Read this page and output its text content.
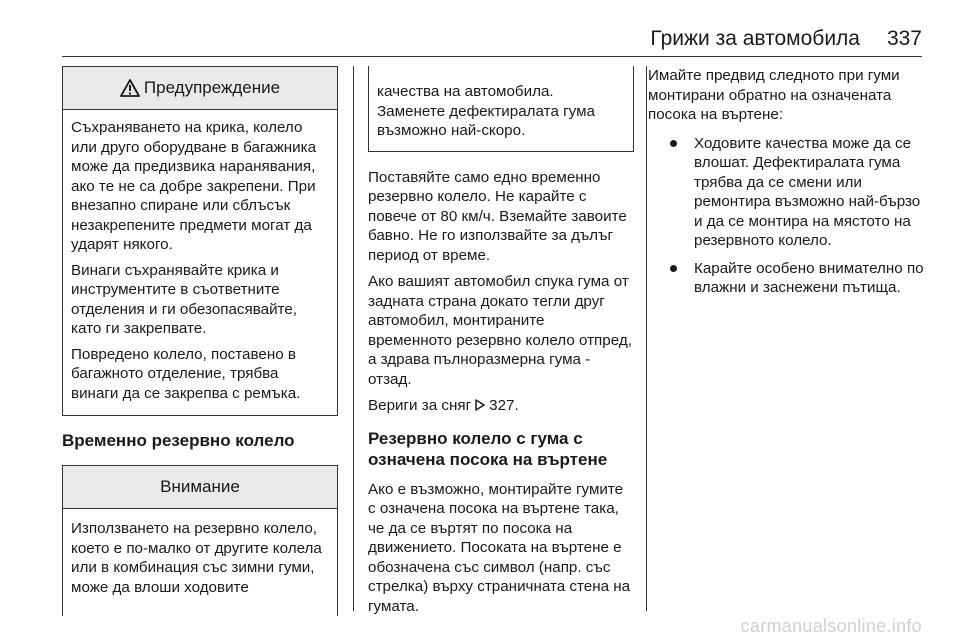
Грижи за автомобила 337
Предупреждение

Съхраняването на крика, колело или друго оборудване в багажника може да предизвика наранявания, ако те не са добре закрепени. При внезапно спиране или сблъсък незакрепените предмети могат да ударят някого.

Винаги съхранявайте крика и инструментите в съответните отделения и ги обезопасявайте, като ги закрепвате.

Повредено колело, поставено в багажното отделение, трябва винаги да се закрепва с ремъка.

Временно резервно колело
Внимание

Използването на резервно колело, което е по-малко от другите колела или в комбинация със зимни гуми, може да влоши ходовите

качества на автомобила. Заменете дефектиралата гума възможно най-скоро.

Поставяйте само едно временно резервно колело. Не карайте с повече от 80 км/ч. Вземайте завоите бавно. Не го използвайте за дълъг период от време.

Ако вашият автомобил спука гума от задната страна докато тегли друг автомобил, монтираните временното резервно колело отпред, а здрава пълноразмерна гума - отзад.

Вериги за сняг 327.

Резервно колело с гума с означена посока на въртене

Ако е възможно, монтирайте гумите с означена посока на въртене така, че да се въртят по посока на движението. Посоката на въртене е обозначена със символ (напр. със стрелка) върху страничната стена на гумата.

Имайте предвид следното при гуми монтирани обратно на означената посока на въртене:

Ходовите качества може да се влошат. Дефектиралата гума трябва да се смени или ремонтира възможно най-бързо и да се монтира на мястото на резервното колело.
Карайте особено внимателно по влажни и заснежени пътища.
carmanualsonline.info
